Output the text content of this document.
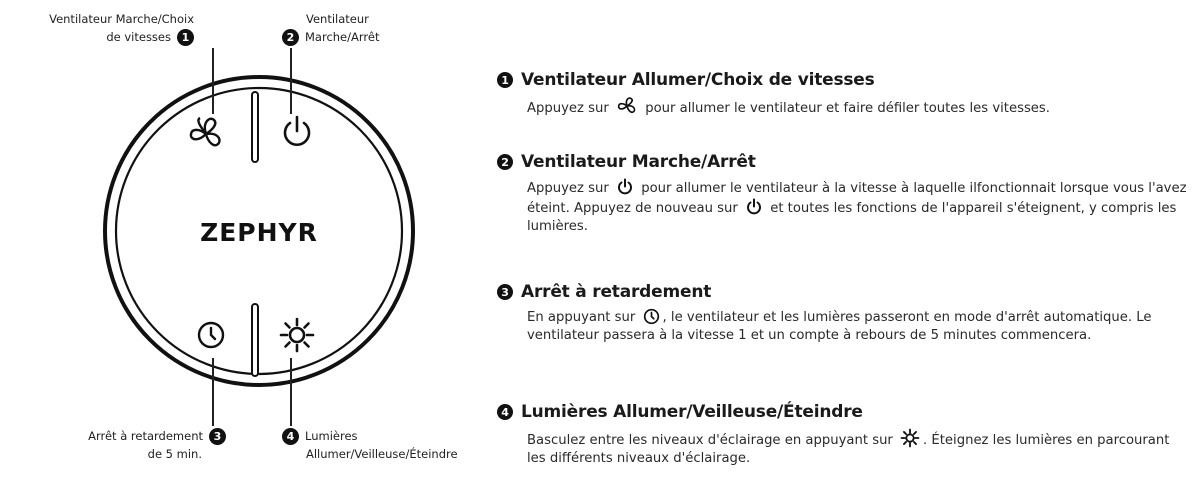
ZEPHYR
Ventilateur Marche/Choix
de vitesses 1
Ventilateur
2 Marche/Arrêt
Arrêt à retardement 3
de 5 min.
4 Lumières
Allumer/Veilleuse/Éteindre
1 Ventilateur Allumer/Choix de vitesses

Appuyez sur	pour allumer le ventilateur et faire défiler toutes les vitesses.

2 Ventilateur Marche/Arrêt

Appuyez sur pour allumer le ventilateur à la vitesse à laquelle ilfonctionnait lorsque vous l'avez éteint. Appuyez de nouveau sur et toutes les fonctions de l'appareil s'éteignent, y compris les lumières.

3 Arrêt à retardement

En appuyant sur , le ventilateur et les lumières passeront en mode d'arrêt automatique. Le ventilateur passera à la vitesse 1 et un compte à rebours de 5 minutes commencera.

4 Lumières Allumer/Veilleuse/Éteindre

Basculez entre les niveaux d'éclairage en appuyant sur . Éteignez les lumières en parcourant les différents niveaux d'éclairage.
